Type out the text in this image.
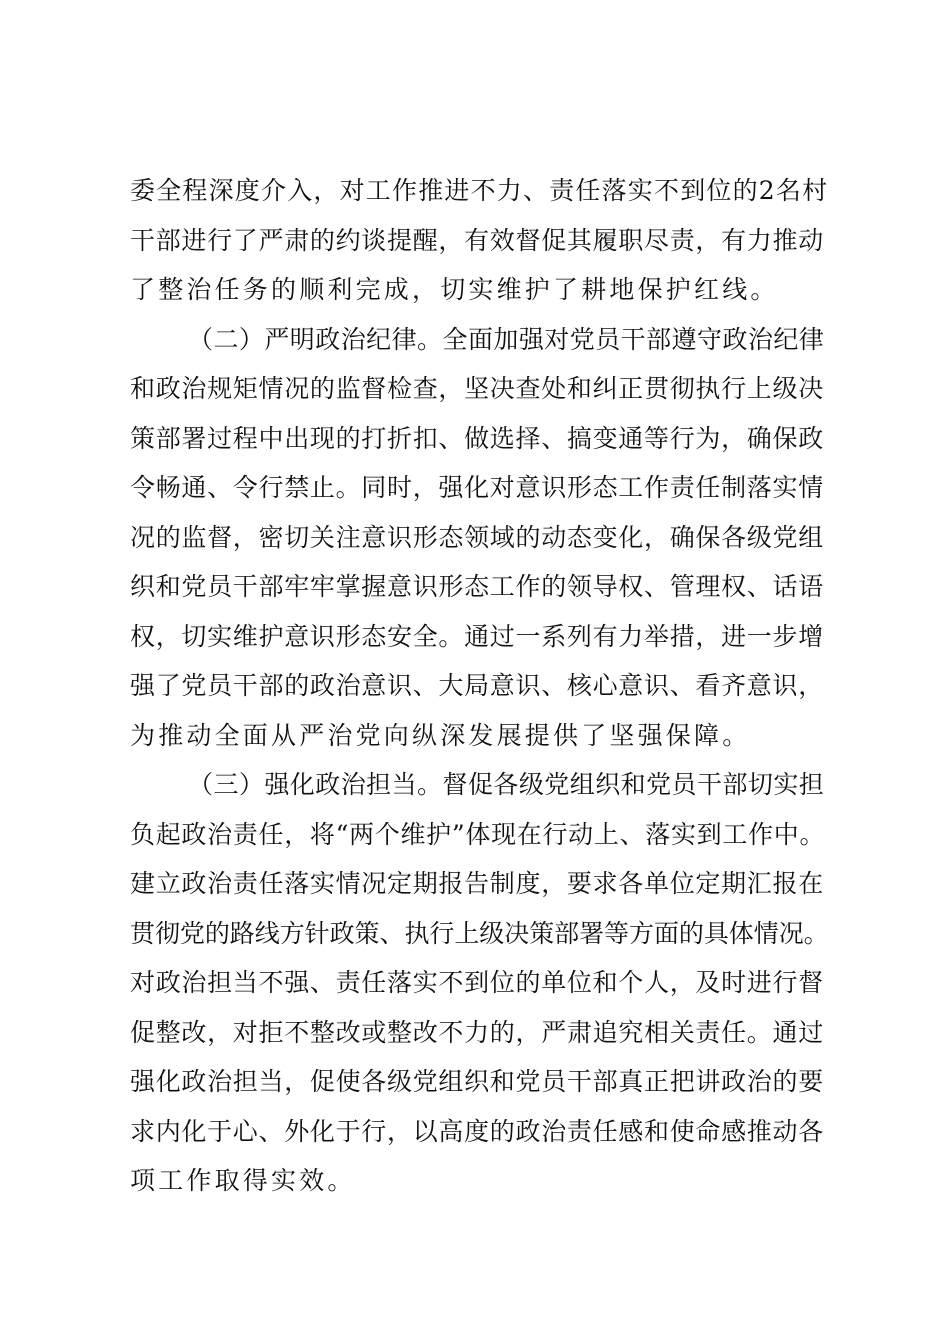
委全程深度介入，对工作推进不力、责任落实不到位的2名村
干部进行了严肃的约谈提醒，有效督促其履职尽责，有力推动
了整治任务的顺利完成，切实维护了耕地保护红线。
（二）严明政治纪律。全面加强对党员干部遵守政治纪律
和政治规矩情况的监督检查，坚决查处和纠正贯彻执行上级决
策部署过程中出现的打折扣、做选择、搞变通等行为，确保政
令畅通、令行禁止。同时，强化对意识形态工作责任制落实情
况的监督，密切关注意识形态领域的动态变化，确保各级党组
织和党员干部牢牢掌握意识形态工作的领导权、管理权、话语
权，切实维护意识形态安全。通过一系列有力举措，进一步增
强了党员干部的政治意识、大局意识、核心意识、看齐意识，
为推动全面从严治党向纵深发展提供了坚强保障。
（三）强化政治担当。督促各级党组织和党员干部切实担
负起政治责任，将“两个维护”体现在行动上、落实到工作中。
建立政治责任落实情况定期报告制度，要求各单位定期汇报在
贯彻党的路线方针政策、执行上级决策部署等方面的具体情况。
对政治担当不强、责任落实不到位的单位和个人，及时进行督
促整改，对拒不整改或整改不力的，严肃追究相关责任。通过
强化政治担当，促使各级党组织和党员干部真正把讲政治的要
求内化于心、外化于行，以高度的政治责任感和使命感推动各
项工作取得实效。
